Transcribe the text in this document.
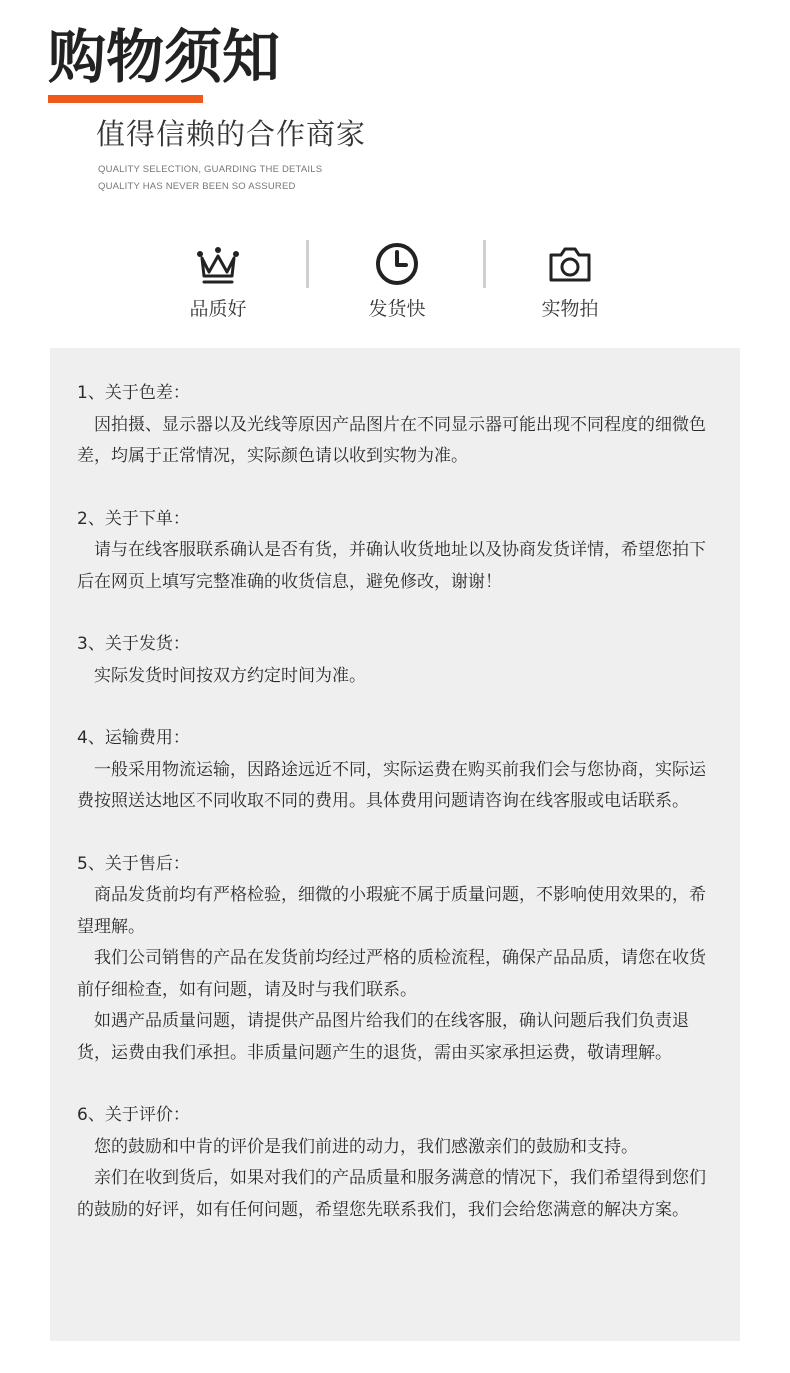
购物须知
值得信赖的合作商家
QUALITY SELECTION, GUARDING THE DETAILS
QUALITY HAS NEVER BEEN SO ASSURED
品质好	发货快	实物拍

1、关于色差：

因拍摄、显示器以及光线等原因产品图片在不同显示器可能出现不同程度的细微色差，均属于正常情况，实际颜色请以收到实物为准。

2、关于下单：

请与在线客服联系确认是否有货，并确认收货地址以及协商发货详情，希望您拍下后在网页上填写完整准确的收货信息，避免修改，谢谢！

3、关于发货：

实际发货时间按双方约定时间为准。

4、运输费用：

一般采用物流运输，因路途远近不同，实际运费在购买前我们会与您协商，实际运费按照送达地区不同收取不同的费用。具体费用问题请咨询在线客服或电话联系。

5、关于售后：

商品发货前均有严格检验，细微的小瑕疵不属于质量问题，不影响使用效果的，希望理解。

我们公司销售的产品在发货前均经过严格的质检流程，确保产品品质，请您在收货前仔细检查，如有问题，请及时与我们联系。

如遇产品质量问题，请提供产品图片给我们的在线客服，确认问题后我们负责退货，运费由我们承担。非质量问题产生的退货，需由买家承担运费，敬请理解。

6、关于评价：

您的鼓励和中肯的评价是我们前进的动力，我们感激亲们的鼓励和支持。

亲们在收到货后，如果对我们的产品质量和服务满意的情况下，我们希望得到您们的鼓励的好评，如有任何问题，希望您先联系我们，我们会给您满意的解决方案。
